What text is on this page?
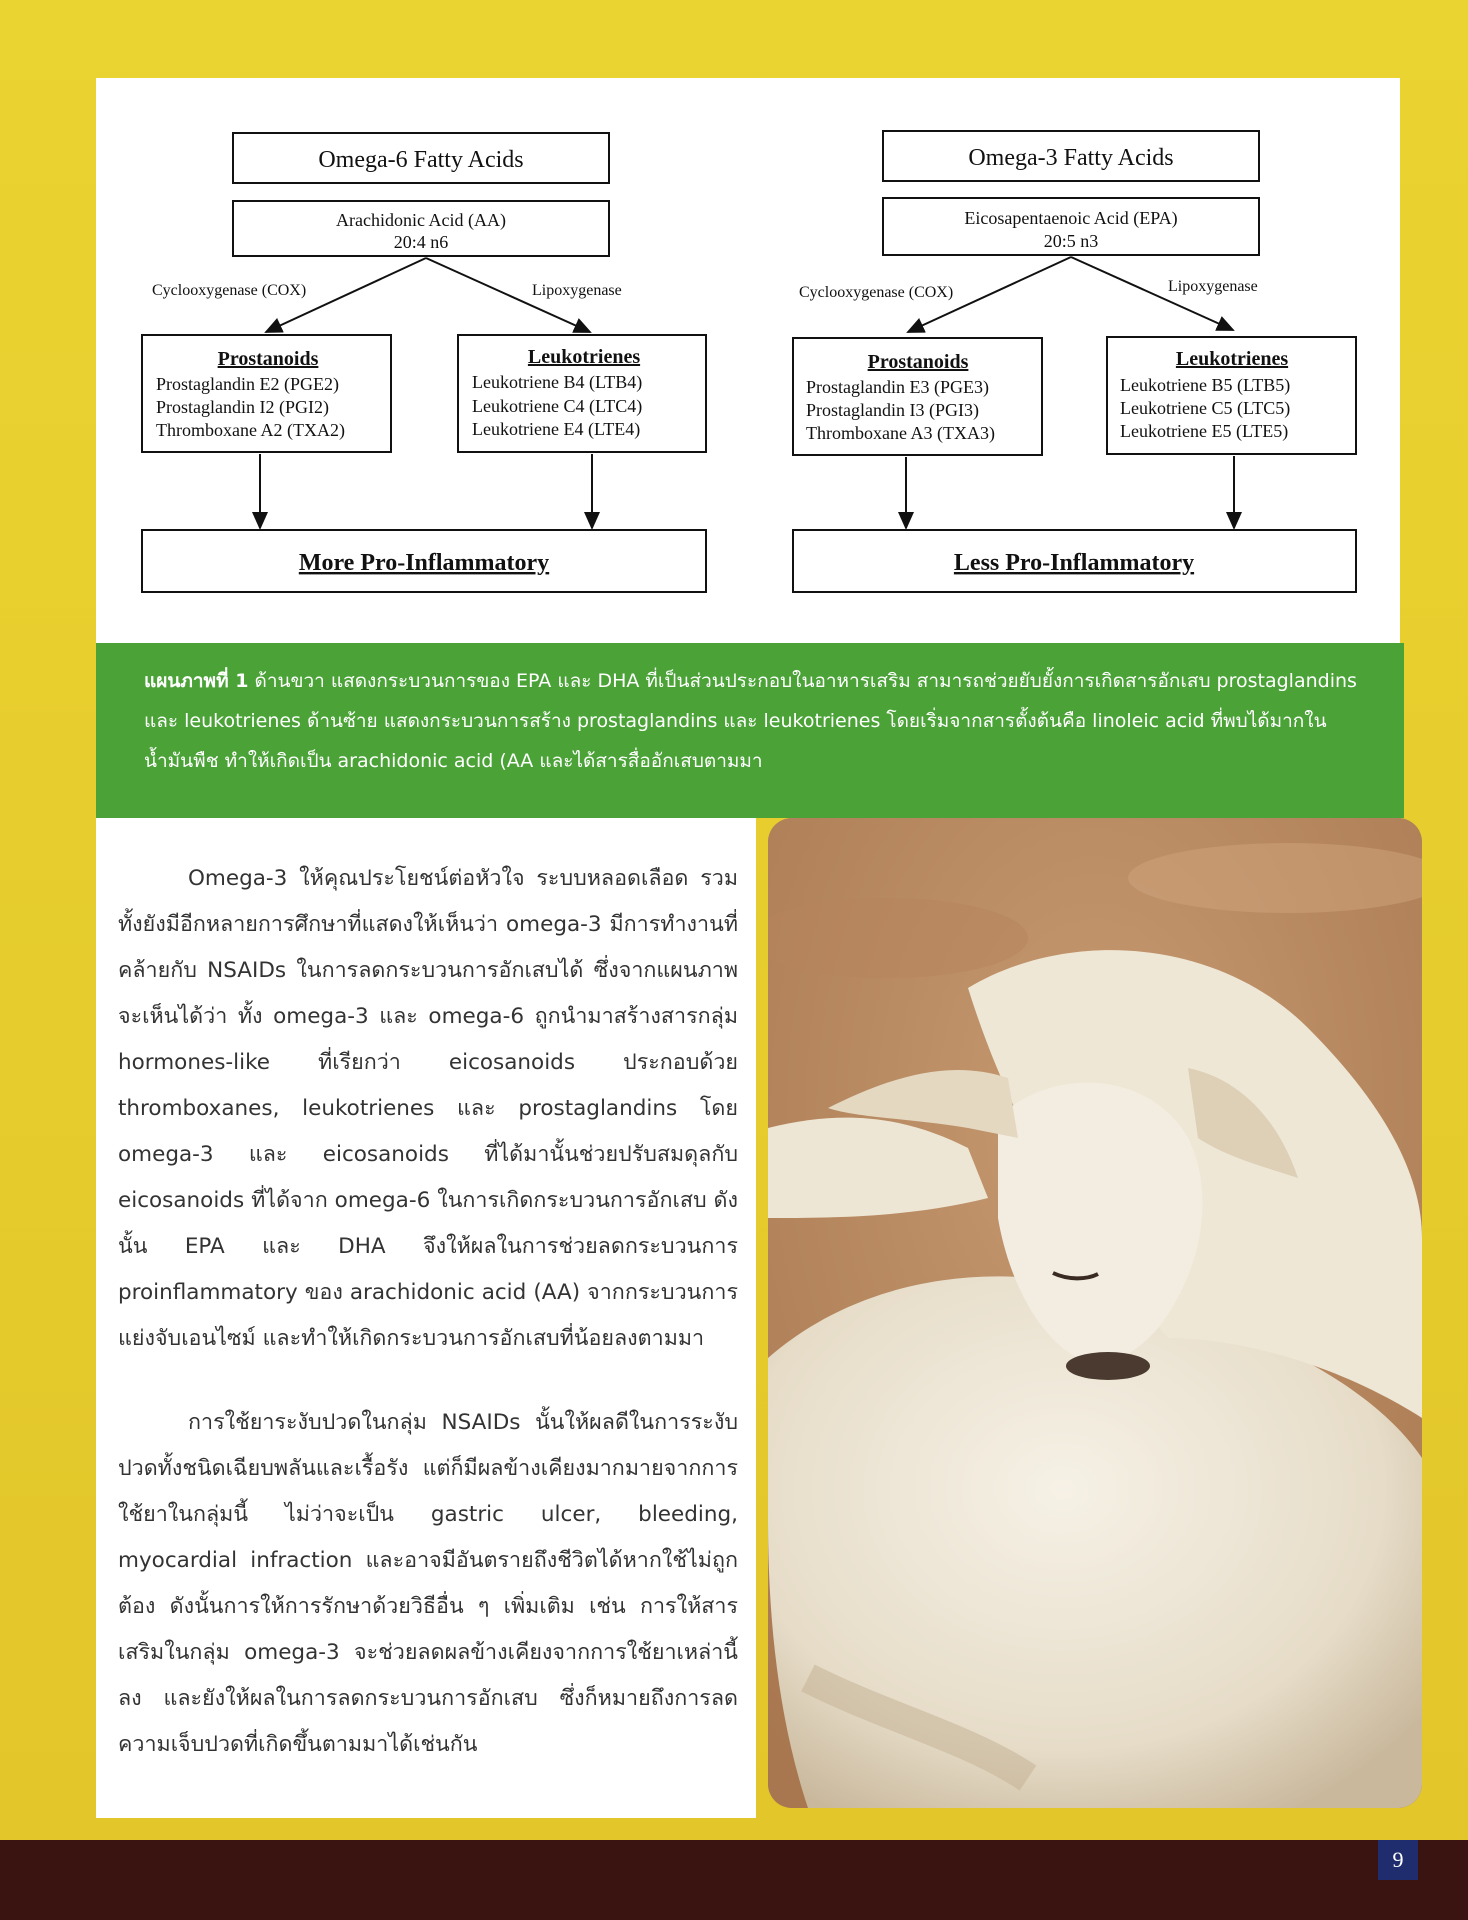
Omega-6 Fatty Acids
Arachidonic Acid (AA)
20:4 n6
Cyclooxygenase (COX)	Lipoxygenase
Prostanoids
Prostaglandin E2 (PGE2)
Prostaglandin I2 (PGI2)
Thromboxane A2 (TXA2)
Leukotrienes
Leukotriene B4 (LTB4)
Leukotriene C4 (LTC4)
Leukotriene E4 (LTE4)
More Pro-Inflammatory
Omega-3 Fatty Acids
Eicosapentaenoic Acid (EPA)
20:5 n3
Cyclooxygenase (COX)	Lipoxygenase
Prostanoids
Prostaglandin E3 (PGE3)
Prostaglandin I3 (PGI3)
Thromboxane A3 (TXA3)
Leukotrienes
Leukotriene B5 (LTB5)
Leukotriene C5 (LTC5)
Leukotriene E5 (LTE5)
Less Pro-Inflammatory
แผนภาพที่ 1 ด้านขวา แสดงกระบวนการของ EPA และ DHA ที่เป็นส่วนประกอบในอาหารเสริม สามารถช่วยยับยั้งการเกิดสารอักเสบ prostaglandins และ leukotrienes ด้านซ้าย แสดงกระบวนการสร้าง prostaglandins และ leukotrienes โดยเริ่มจากสารตั้งต้นคือ linoleic acid ที่พบได้มากในน้ำมันพืช ทำให้เกิดเป็น arachidonic acid (AA และได้สารสื่ออักเสบตามมา
Omega-3 ให้คุณประโยชน์ต่อหัวใจ ระบบหลอดเลือด รวมทั้งยังมีอีกหลายการศึกษาที่แสดงให้เห็นว่า omega-3 มีการทำงานที่คล้ายกับ NSAIDs ในการลดกระบวนการอักเสบได้ ซึ่งจากแผนภาพจะเห็นได้ว่า ทั้ง omega-3 และ omega-6 ถูกนำมาสร้างสารกลุ่ม hormones-like ที่เรียกว่า eicosanoids ประกอบด้วย thromboxanes, leukotrienes และ prostaglandins โดย omega-3 และ eicosanoids ที่ได้มานั้นช่วยปรับสมดุลกับ eicosanoids ที่ได้จาก omega-6 ในการเกิดกระบวนการอักเสบ ดังนั้น EPA และ DHA จึงให้ผลในการช่วยลดกระบวนการ proinflammatory ของ arachidonic acid (AA) จากกระบวนการแย่งจับเอนไซม์ และทำให้เกิดกระบวนการอักเสบที่น้อยลงตามมา
การใช้ยาระงับปวดในกลุ่ม NSAIDs นั้นให้ผลดีในการระงับปวดทั้งชนิดเฉียบพลันและเรื้อรัง แต่ก็มีผลข้างเคียงมากมายจากการใช้ยาในกลุ่มนี้ ไม่ว่าจะเป็น gastric ulcer, bleeding, myocardial infraction และอาจมีอันตรายถึงชีวิตได้หากใช้ไม่ถูกต้อง ดังนั้นการให้การรักษาด้วยวิธีอื่น ๆ เพิ่มเติม เช่น การให้สารเสริมในกลุ่ม omega-3 จะช่วยลดผลข้างเคียงจากการใช้ยาเหล่านี้ลง และยังให้ผลในการลดกระบวนการอักเสบ ซึ่งก็หมายถึงการลดความเจ็บปวดที่เกิดขึ้นตามมาได้เช่นกัน
9
